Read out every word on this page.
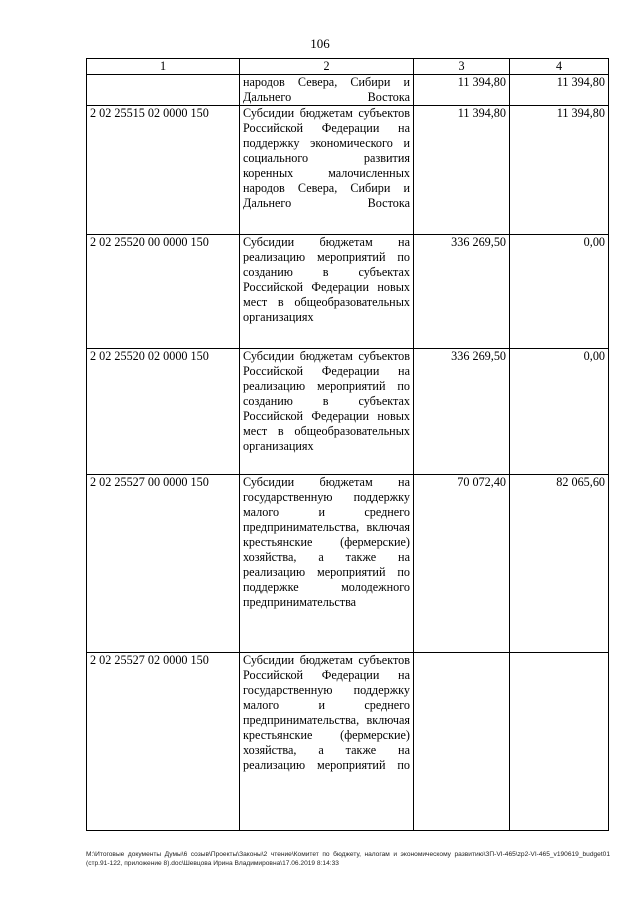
106
1	2	3	4
	народов Севера, Сибири и Дальнего Востока	11 394,80	11 394,80
2 02 25515 02 0000 150	Субсидии бюджетам субъектов Российской Федерации на поддержку экономического и социального развития коренных малочисленных народов Севера, Сибири и Дальнего Востока	11 394,80	11 394,80
2 02 25520 00 0000 150	Субсидии бюджетам на реализацию мероприятий по созданию в субъектах Российской Федерации новых мест в общеобразовательных организациях	336 269,50	0,00
2 02 25520 02 0000 150	Субсидии бюджетам субъектов Российской Федерации на реализацию мероприятий по созданию в субъектах Российской Федерации новых мест в общеобразовательных организациях	336 269,50	0,00
2 02 25527 00 0000 150	Субсидии бюджетам на государственную поддержку малого и среднего предпринимательства, включая крестьянские (фермерские) хозяйства, а также на реализацию мероприятий по поддержке молодежного предпринимательства	70 072,40	82 065,60
2 02 25527 02 0000 150	Субсидии бюджетам субъектов Российской Федерации на государственную поддержку малого и среднего предпринимательства, включая крестьянские (фермерские) хозяйства, а также на реализацию мероприятий по		
M:\Итоговые документы Думы\6 созыв\Проекты\Законы\2 чтение\Комитет по бюджету, налогам и экономическому развитию\ЗП-VI-465\zp2-VI-465_v190619_budget01 (стр.91-122, приложение 8).doc\Шевцова Ирина Владимировна\17.06.2019 8:14:33
